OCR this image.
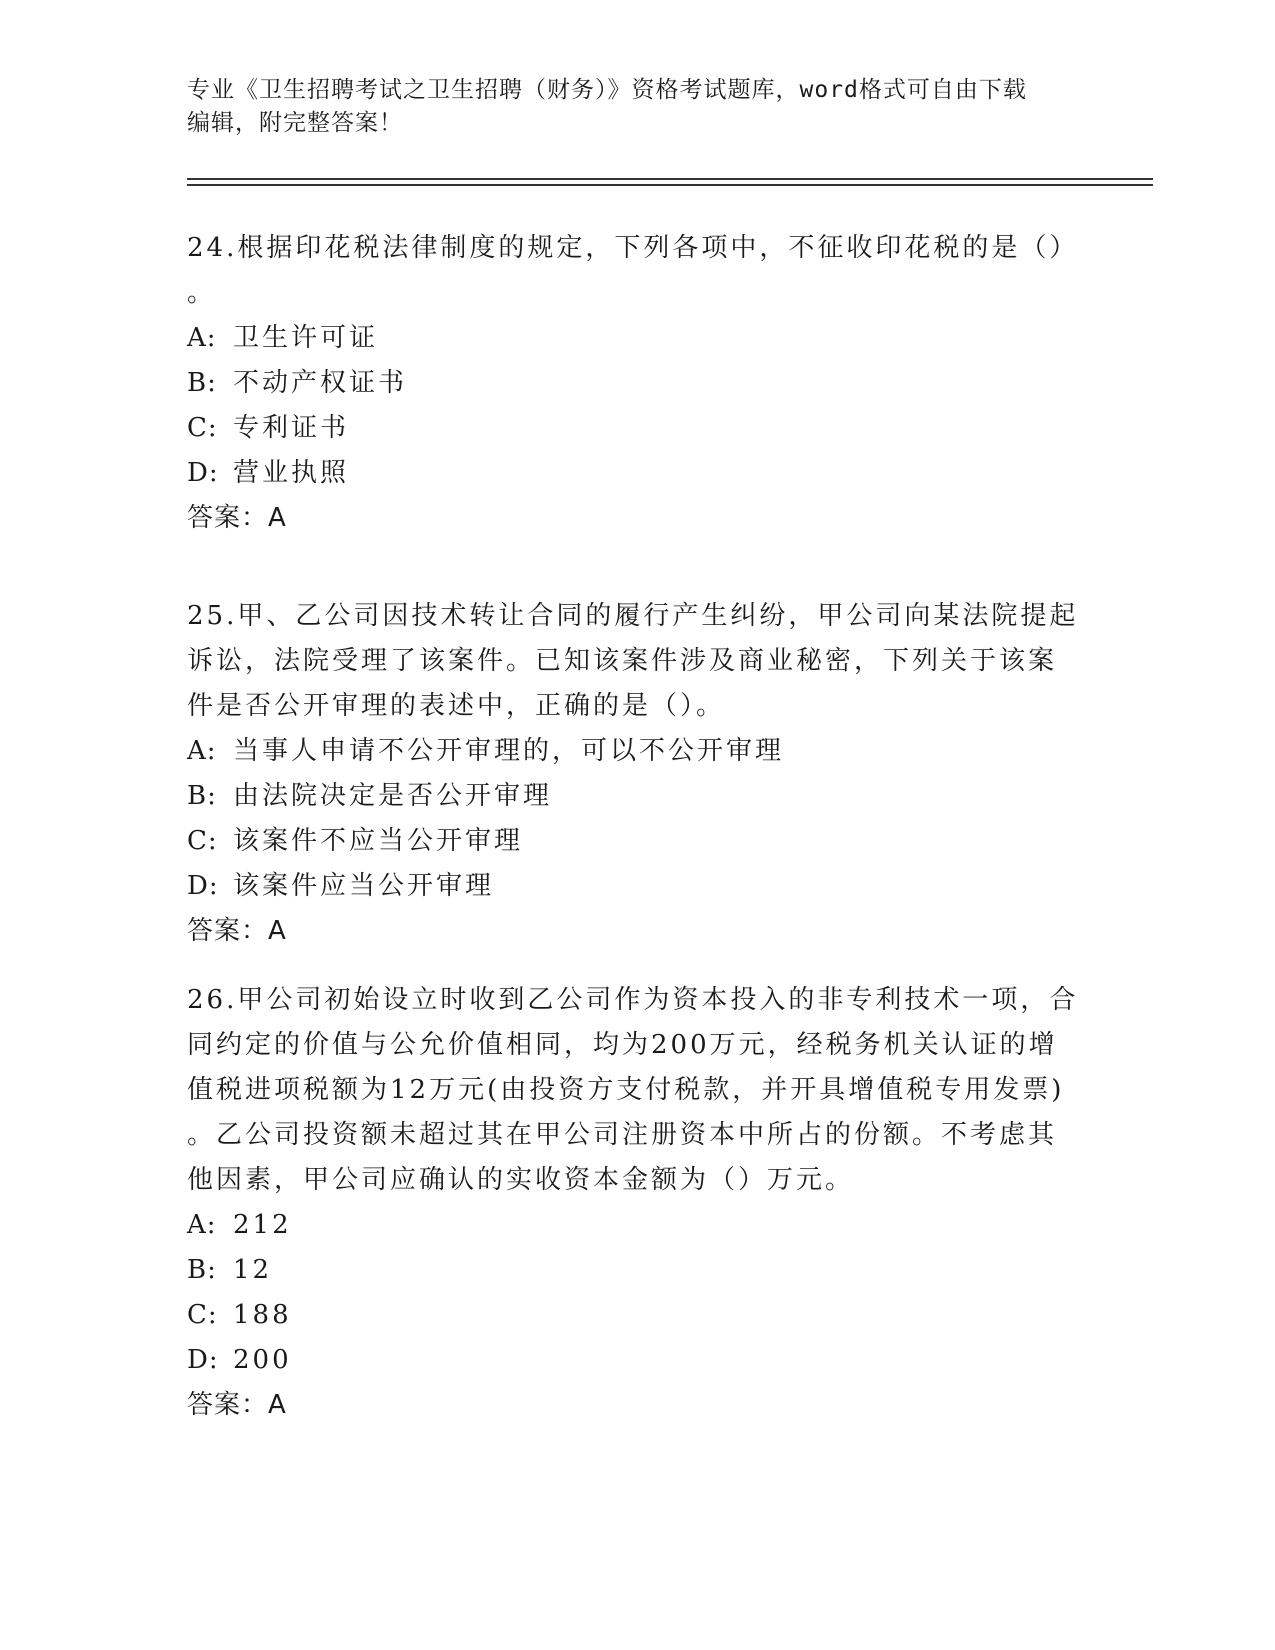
专业《卫生招聘考试之卫生招聘（财务）》资格考试题库，word格式可自由下载

编辑，附完整答案！

24.根据印花税法律制度的规定，下列各项中，不征收印花税的是（）
。

A: 卫生许可证

B: 不动产权证书

C: 专利证书

D: 营业执照

答案：A

25.甲、乙公司因技术转让合同的履行产生纠纷，甲公司向某法院提起
诉讼，法院受理了该案件。已知该案件涉及商业秘密，下列关于该案
件是否公开审理的表述中，正确的是（）。

A: 当事人申请不公开审理的，可以不公开审理

B: 由法院决定是否公开审理

C: 该案件不应当公开审理

D: 该案件应当公开审理

答案：A

26.甲公司初始设立时收到乙公司作为资本投入的非专利技术一项，合
同约定的价值与公允价值相同，均为200万元，经税务机关认证的增
值税进项税额为12万元(由投资方支付税款，并开具增值税专用发票)
。乙公司投资额未超过其在甲公司注册资本中所占的份额。不考虑其
他因素，甲公司应确认的实收资本金额为（）万元。

A: 212

B: 12

C: 188

D: 200

答案：A
